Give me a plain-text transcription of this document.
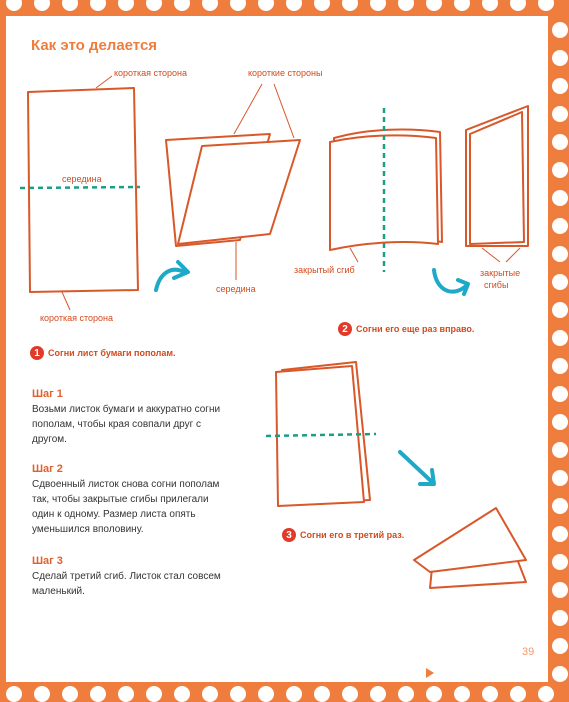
Как это делается
короткая сторона
середина
короткая сторона
короткие стороны
середина
закрытый сгиб	закрытые
сгибы
1 Согни лист бумаги пополам.
2 Согни его еще раз вправо.
3 Согни его в третий раз.
Шаг 1
Возьми листок бумаги и аккуратно согни пополам, чтобы края совпали друг с другом.
Шаг 2
Сдвоенный листок снова согни пополам так, чтобы закрытые сгибы прилегали один к одному. Размер листа опять уменьшился вполовину.
Шаг 3
Сделай третий сгиб. Листок стал совсем маленький.
39
Лабиринт
